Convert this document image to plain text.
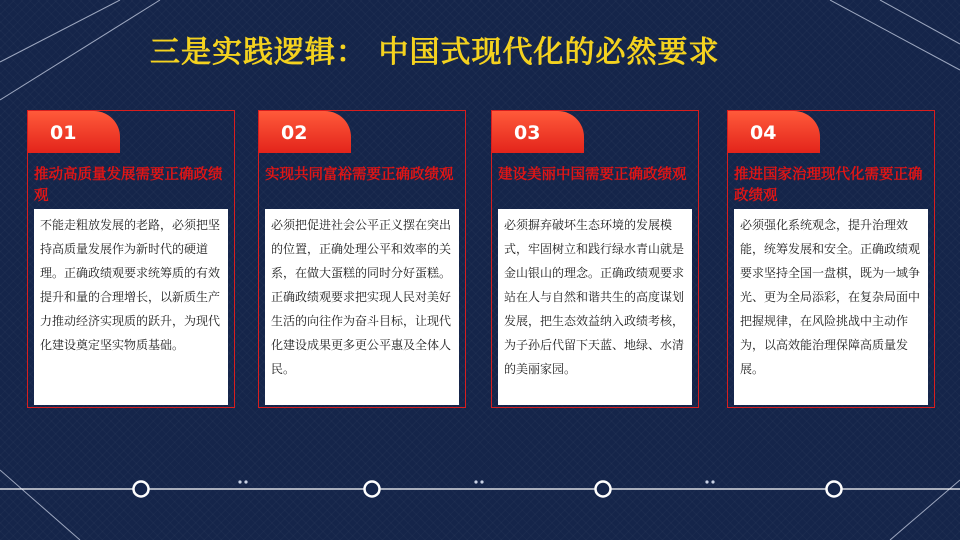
三是实践逻辑： 中国式现代化的必然要求
01
推动高质量发展需要正确政绩观
不能走粗放发展的老路，必须把坚持高质量发展作为新时代的硬道理。正确政绩观要求统筹质的有效提升和量的合理增长，以新质生产力推动经济实现质的跃升，为现代化建设奠定坚实物质基础。
02
实现共同富裕需要正确政绩观
必须把促进社会公平正义摆在突出的位置，正确处理公平和效率的关系，在做大蛋糕的同时分好蛋糕。正确政绩观要求把实现人民对美好生活的向往作为奋斗目标，让现代化建设成果更多更公平惠及全体人民。
03
建设美丽中国需要正确政绩观
必须摒弃破坏生态环境的发展模式，牢固树立和践行绿水青山就是金山银山的理念。正确政绩观要求站在人与自然和谐共生的高度谋划发展，把生态效益纳入政绩考核，为子孙后代留下天蓝、地绿、水清的美丽家园。
04
推进国家治理现代化需要正确政绩观
必须强化系统观念，提升治理效能，统筹发展和安全。正确政绩观要求坚持全国一盘棋，既为一域争光、更为全局添彩，在复杂局面中把握规律，在风险挑战中主动作为，以高效能治理保障高质量发展。
